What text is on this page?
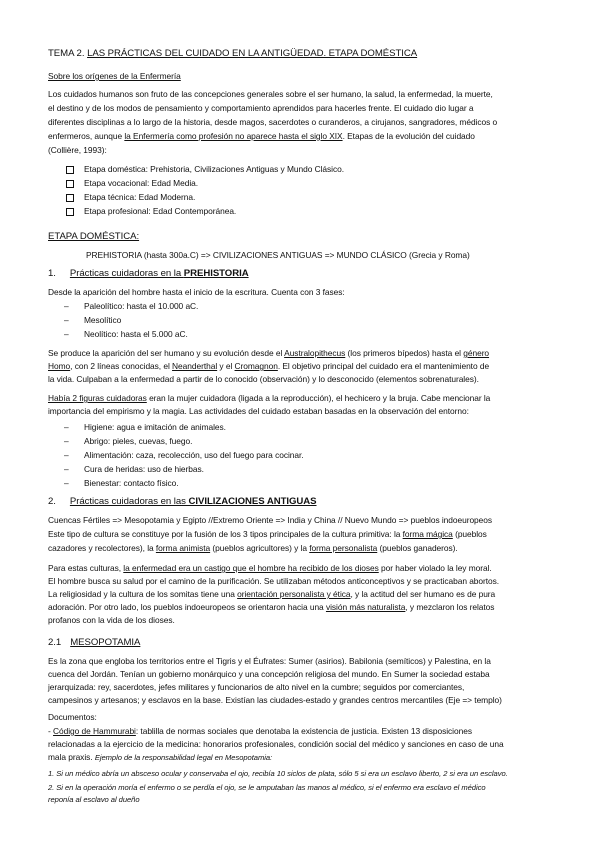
TEMA 2. LAS PRÁCTICAS DEL CUIDADO EN LA ANTIGÜEDAD. ETAPA DOMÉSTICA
Sobre los orígenes de la Enfermería
Los cuidados humanos son fruto de las concepciones generales sobre el ser humano, la salud, la enfermedad, la muerte,
el destino y de los modos de pensamiento y comportamiento aprendidos para hacerles frente. El cuidado dio lugar a
diferentes disciplinas a lo largo de la historia, desde magos, sacerdotes o curanderos, a cirujanos, sangradores, médicos o
enfermeros, aunque la Enfermería como profesión no aparece hasta el siglo XIX. Etapas de la evolución del cuidado
(Collière, 1993):
Etapa doméstica: Prehistoria, Civilizaciones Antiguas y Mundo Clásico.
Etapa vocacional: Edad Media.
Etapa técnica: Edad Moderna.
Etapa profesional: Edad Contemporánea.
ETAPA DOMÉSTICA:
PREHISTORIA (hasta 300a.C) => CIVILIZACIONES ANTIGUAS => MUNDO CLÁSICO (Grecia y Roma)
1. Prácticas cuidadoras en la PREHISTORIA
Desde la aparición del hombre hasta el inicio de la escritura. Cuenta con 3 fases:
– Paleolítico: hasta el 10.000 aC.
– Mesolítico
– Neolítico: hasta el 5.000 aC.
Se produce la aparición del ser humano y su evolución desde el Australopithecus (los primeros bípedos) hasta el género
Homo, con 2 líneas conocidas, el Neanderthal y el Cromagnon. El objetivo principal del cuidado era el mantenimiento de
la vida. Culpaban a la enfermedad a partir de lo conocido (observación) y lo desconocido (elementos sobrenaturales).
Había 2 figuras cuidadoras eran la mujer cuidadora (ligada a la reproducción), el hechicero y la bruja. Cabe mencionar la
importancia del empirismo y la magia. Las actividades del cuidado estaban basadas en la observación del entorno:
– Higiene: agua e imitación de animales.
– Abrigo: pieles, cuevas, fuego.
– Alimentación: caza, recolección, uso del fuego para cocinar.
– Cura de heridas: uso de hierbas.
– Bienestar: contacto físico.
2. Prácticas cuidadoras en las CIVILIZACIONES ANTIGUAS
Cuencas Fértiles => Mesopotamia y Egipto //Extremo Oriente => India y China // Nuevo Mundo => pueblos indoeuropeos
Este tipo de cultura se constituye por la fusión de los 3 tipos principales de la cultura primitiva: la forma mágica (pueblos
cazadores y recolectores), la forma animista (pueblos agricultores) y la forma personalista (pueblos ganaderos).
Para estas culturas, la enfermedad era un castigo que el hombre ha recibido de los dioses por haber violado la ley moral.
El hombre busca su salud por el camino de la purificación. Se utilizaban métodos anticonceptivos y se practicaban abortos.
La religiosidad y la cultura de los somitas tiene una orientación personalista y ética, y la actitud del ser humano es de pura
adoración. Por otro lado, los pueblos indoeuropeos se orientaron hacia una visión más naturalista, y mezclaron los relatos
profanos con la vida de los dioses.
2.1 MESOPOTAMIA
Es la zona que engloba los territorios entre el Tigris y el Éufrates: Sumer (asirios). Babilonia (semíticos) y Palestina, en la
cuenca del Jordán. Tenían un gobierno monárquico y una concepción religiosa del mundo. En Sumer la sociedad estaba
jerarquizada: rey, sacerdotes, jefes militares y funcionarios de alto nivel en la cumbre; seguidos por comerciantes,
campesinos y artesanos; y esclavos en la base. Existían las ciudades-estado y grandes centros mercantiles (Eje => templo)
Documentos:
- Código de Hammurabi: tablilla de normas sociales que denotaba la existencia de justicia. Existen 13 disposiciones
relacionadas a la ejercicio de la medicina: honorarios profesionales, condición social del médico y sanciones en caso de una
mala praxis. Ejemplo de la responsabilidad legal en Mesopotamia:
1. Si un médico abría un absceso ocular y conservaba el ojo, recibía 10 siclos de plata, sólo 5 si era un esclavo liberto, 2 si era un esclavo.
2. Si en la operación moría el enfermo o se perdía el ojo, se le amputaban las manos al médico, si el enfermo era esclavo el médico
reponía al esclavo al dueño
